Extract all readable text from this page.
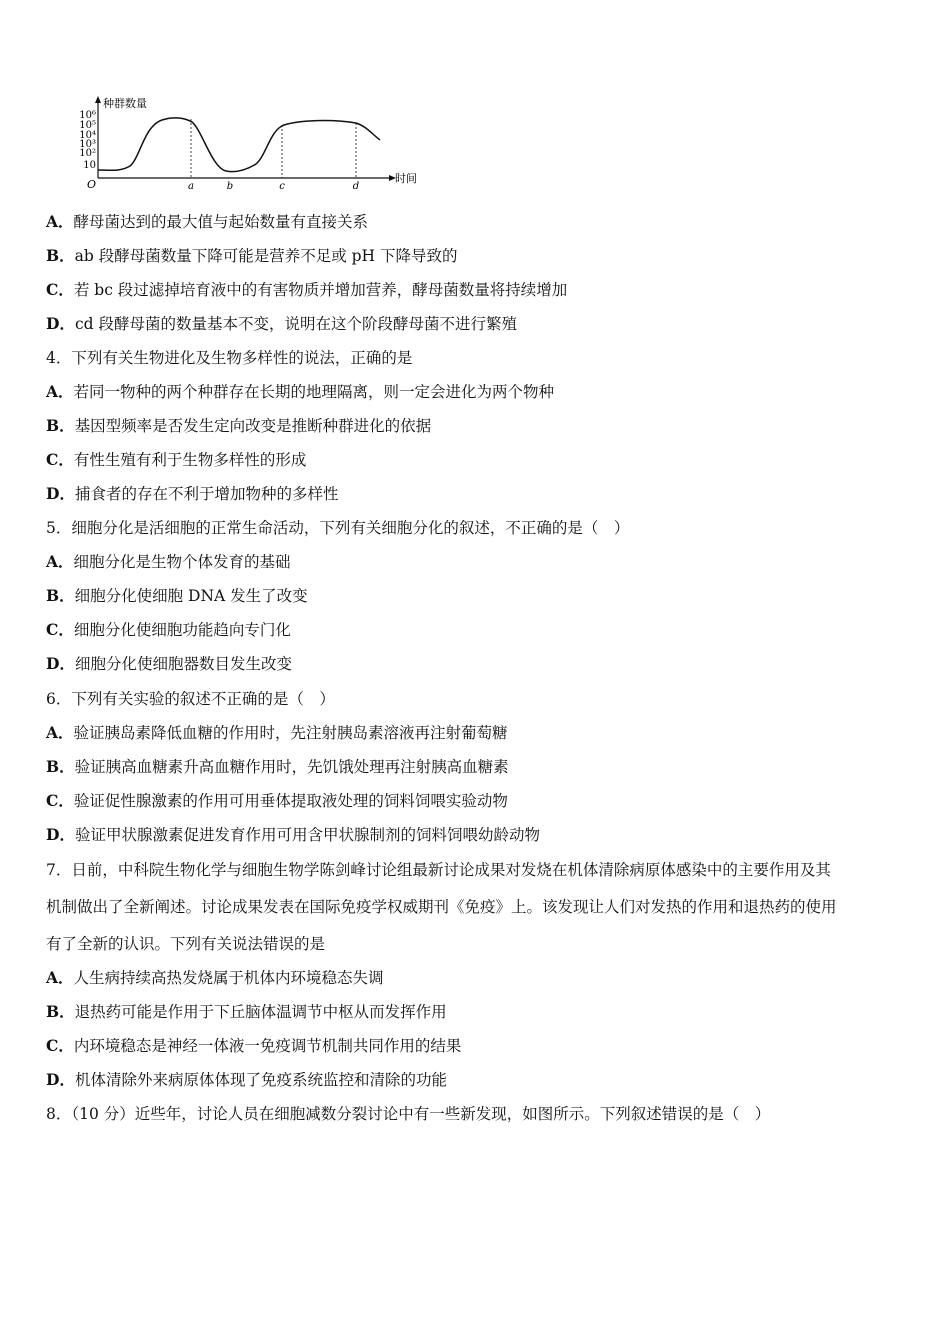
种群数量
时间
O
10⁶
10⁵
10⁴
10³
10²
10
a	b	c	d
A．酵母菌达到的最大值与起始数量有直接关系
B．ab 段酵母菌数量下降可能是营养不足或 pH 下降导致的
C．若 bc 段过滤掉培育液中的有害物质并增加营养，酵母菌数量将持续增加
D．cd 段酵母菌的数量基本不变，说明在这个阶段酵母菌不进行繁殖
4．下列有关生物进化及生物多样性的说法，正确的是
A．若同一物种的两个种群存在长期的地理隔离，则一定会进化为两个物种
B．基因型频率是否发生定向改变是推断种群进化的依据
C．有性生殖有利于生物多样性的形成
D．捕食者的存在不利于增加物种的多样性
5．细胞分化是活细胞的正常生命活动，下列有关细胞分化的叙述，不正确的是（　）
A．细胞分化是生物个体发育的基础
B．细胞分化使细胞 DNA 发生了改变
C．细胞分化使细胞功能趋向专门化
D．细胞分化使细胞器数目发生改变
6．下列有关实验的叙述不正确的是（　）
A．验证胰岛素降低血糖的作用时，先注射胰岛素溶液再注射葡萄糖
B．验证胰高血糖素升高血糖作用时，先饥饿处理再注射胰高血糖素
C．验证促性腺激素的作用可用垂体提取液处理的饲料饲喂实验动物
D．验证甲状腺激素促进发育作用可用含甲状腺制剂的饲料饲喂幼龄动物
7．日前，中科院生物化学与细胞生物学陈剑峰讨论组最新讨论成果对发烧在机体清除病原体感染中的主要作用及其
机制做出了全新阐述。讨论成果发表在国际免疫学权威期刊《免疫》上。该发现让人们对发热的作用和退热药的使用
有了全新的认识。下列有关说法错误的是
A．人生病持续高热发烧属于机体内环境稳态失调
B．退热药可能是作用于下丘脑体温调节中枢从而发挥作用
C．内环境稳态是神经一体液一免疫调节机制共同作用的结果
D．机体清除外来病原体体现了免疫系统监控和清除的功能
8．（10 分）近些年，讨论人员在细胞减数分裂讨论中有一些新发现，如图所示。下列叙述错误的是（　）
